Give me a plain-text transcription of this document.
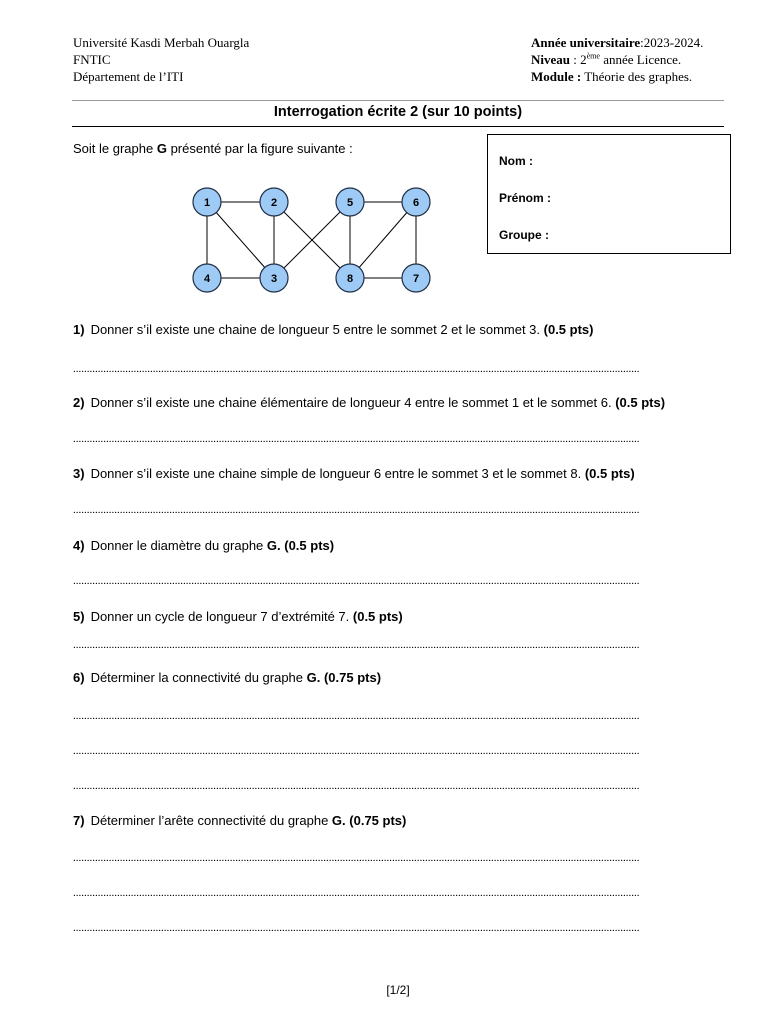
Université Kasdi Merbah Ouargla
FNTIC
Département de l’ITI
Année universitaire:2023-2024.
Niveau : 2ème année Licence.
Module : Théorie des graphes.
Interrogation écrite 2 (sur 10 points)
Soit le graphe G présenté par la figure suivante :
Nom :
Prénom :
Groupe :
1	2	5	6
4	3	8	7
1) Donner s’il existe une chaine de longueur 5 entre le sommet 2 et le sommet 3. (0.5 pts)
..............................................................................................................................................................................................................
2) Donner s’il existe une chaine élémentaire de longueur 4 entre le sommet 1 et le sommet 6. (0.5 pts)
..............................................................................................................................................................................................................
3) Donner s’il existe une chaine simple de longueur 6 entre le sommet 3 et le sommet 8. (0.5 pts)
..............................................................................................................................................................................................................
4) Donner le diamètre du graphe G. (0.5 pts)
..............................................................................................................................................................................................................
5) Donner un cycle de longueur 7 d’extrémité 7. (0.5 pts)
..............................................................................................................................................................................................................
6) Déterminer la connectivité du graphe G. (0.75 pts)
..............................................................................................................................................................................................................
..............................................................................................................................................................................................................
..............................................................................................................................................................................................................
7) Déterminer l’arête connectivité du graphe G. (0.75 pts)
..............................................................................................................................................................................................................
..............................................................................................................................................................................................................
..............................................................................................................................................................................................................
[1/2]
